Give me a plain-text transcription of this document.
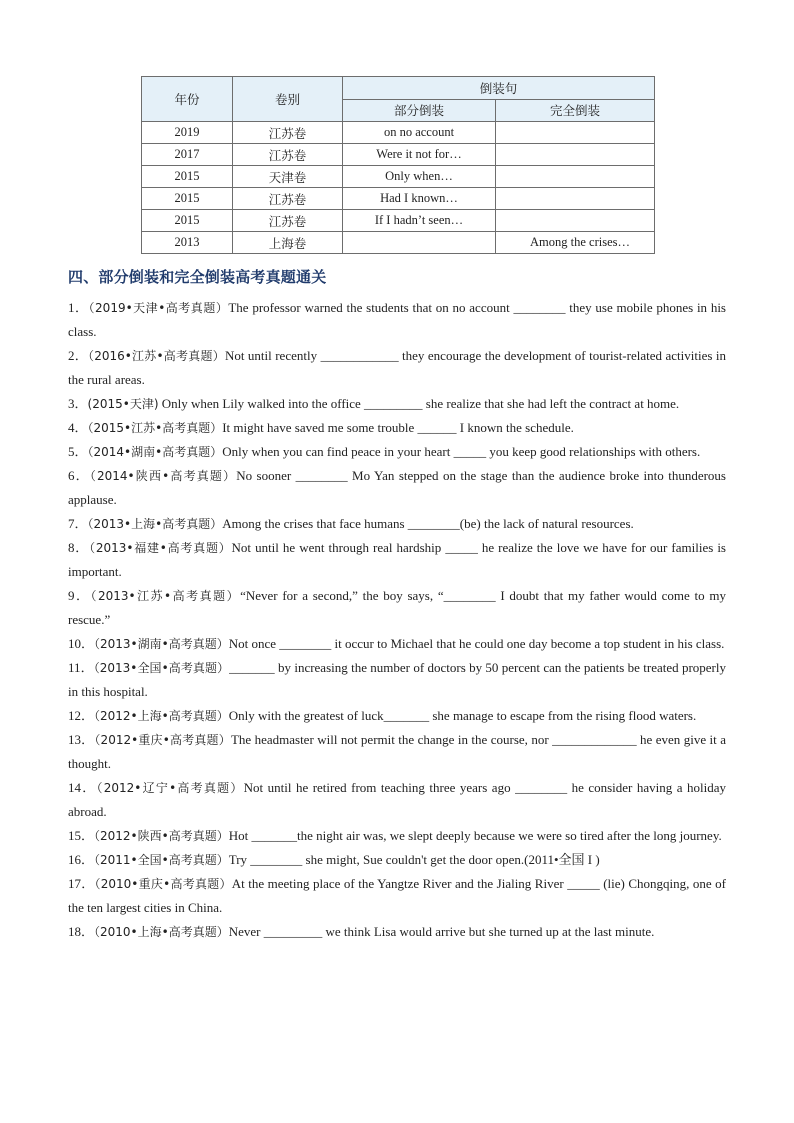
年份	卷别	倒装句	
		部分倒装	完全倒装
2019	江苏卷	on no account	
2017	江苏卷	Were it not for…	
2015	天津卷	Only when…	
2015	江苏卷	Had I known…	
2015	江苏卷	If I hadn’t seen…	
2013	上海卷		Among the crises…
四、部分倒装和完全倒装高考真题通关

1．（2019•天津•高考真题）The professor warned the students that on no account ________ they use mobile phones in his class.

2．（2016•江苏•高考真题）Not until recently ____________ they encourage the development of tourist-related activities in the rural areas.

3．(2015•天津) Only when Lily walked into the office _________ she realize that she had left the contract at home.

4．（2015•江苏•高考真题）It might have saved me some trouble ______ I known the schedule.

5．（2014•湖南•高考真题）Only when you can find peace in your heart _____ you keep good relationships with others.

6．（2014•陕西•高考真题）No sooner ________ Mo Yan stepped on the stage than the audience broke into thunderous applause.

7．（2013•上海•高考真题）Among the crises that face humans ________(be) the lack of natural resources.

8．（2013•福建•高考真题）Not until he went through real hardship _____ he realize the love we have for our families is important.

9．（2013•江苏•高考真题）“Never for a second,” the boy says, “________ I doubt that my father would come to my rescue.”

10．（2013•湖南•高考真题）Not once ________ it occur to Michael that he could one day become a top student in his class.

11．（2013•全国•高考真题）_______ by increasing the number of doctors by 50 percent can the patients be treated properly in this hospital.

12．（2012•上海•高考真题）Only with the greatest of luck_______ she manage to escape from the rising flood waters.

13．（2012•重庆•高考真题）The headmaster will not permit the change in the course, nor _____________ he even give it a thought.

14．（2012•辽宁•高考真题）Not until he retired from teaching three years ago ________ he consider having a holiday abroad.

15．（2012•陕西•高考真题）Hot _______the night air was, we slept deeply because we were so tired after the long journey.

16．（2011•全国•高考真题）Try ________ she might, Sue couldn't get the door open.(2011•全国 I )

17．（2010•重庆•高考真题）At the meeting place of the Yangtze River and the Jialing River _____ (lie) Chongqing, one of the ten largest cities in China.

18．（2010•上海•高考真题）Never _________ we think Lisa would arrive but she turned up at the last minute.
